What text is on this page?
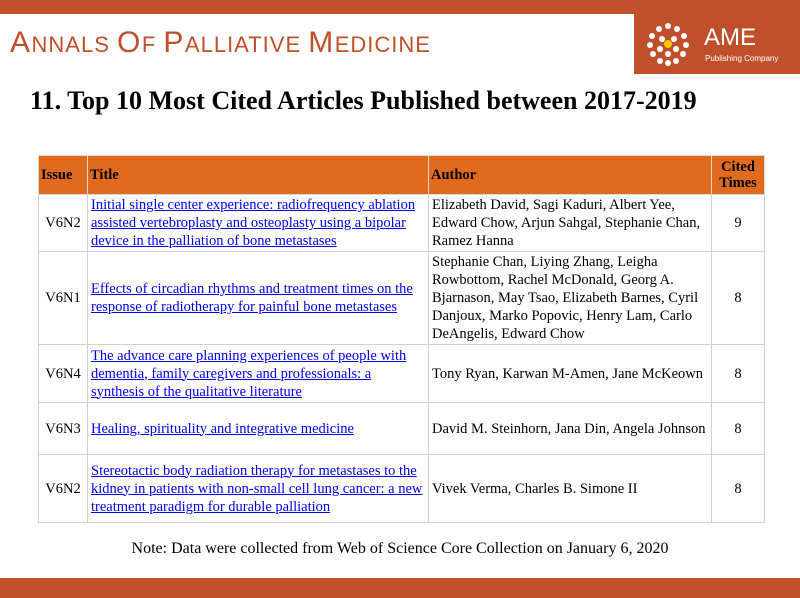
ANNALS OF PALLIATIVE MEDICINE	AME
Publishing Company
11. Top 10 Most Cited Articles Published between 2017-2019
Issue	Title	Author	Cited
Times
V6N2	Initial single center experience: radiofrequency ablation assisted vertebroplasty and osteoplasty using a bipolar device in the palliation of bone metastases	Elizabeth David, Sagi Kaduri, Albert Yee, Edward Chow, Arjun Sahgal, Stephanie Chan, Ramez Hanna	9
V6N1	Effects of circadian rhythms and treatment times on the response of radiotherapy for painful bone metastases	Stephanie Chan, Liying Zhang, Leigha Rowbottom, Rachel McDonald, Georg A. Bjarnason, May Tsao, Elizabeth Barnes, Cyril Danjoux, Marko Popovic, Henry Lam, Carlo DeAngelis, Edward Chow	8
V6N4	The advance care planning experiences of people with dementia, family caregivers and professionals: a synthesis of the qualitative literature	Tony Ryan, Karwan M-Amen, Jane McKeown	8
V6N3	Healing, spirituality and integrative medicine	David M. Steinhorn, Jana Din, Angela Johnson	8
V6N2	Stereotactic body radiation therapy for metastases to the kidney in patients with non-small cell lung cancer: a new treatment paradigm for durable palliation	Vivek Verma, Charles B. Simone II	8
Note: Data were collected from Web of Science Core Collection on January 6, 2020
